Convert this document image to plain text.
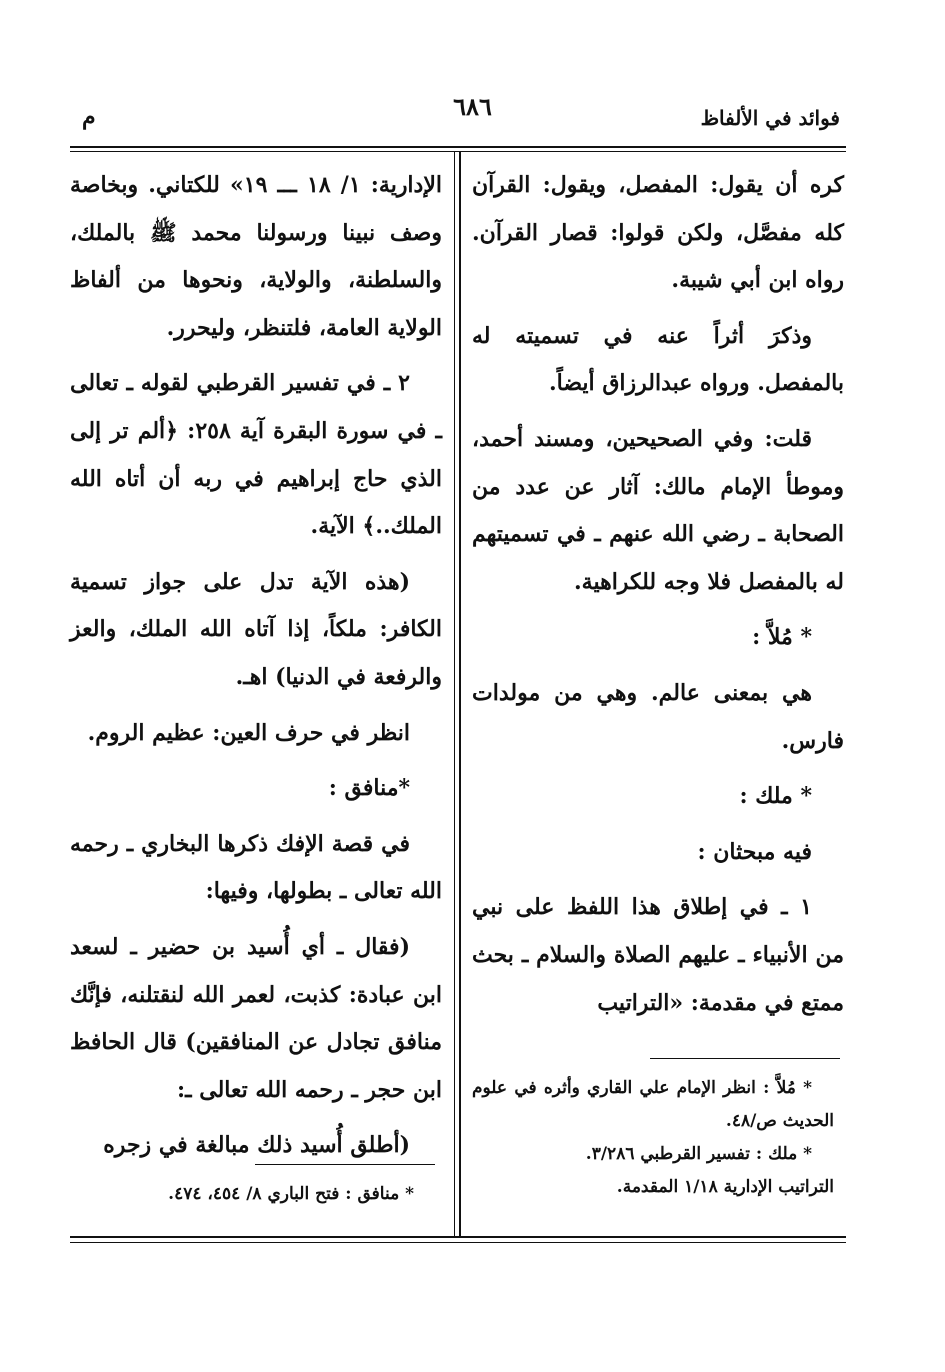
فوائد في الألفاظ
٦٨٦
م

كره أن يقول: المفصل، ويقول: القرآن كله مفصَّل، ولكن قولوا: قصار القرآن. رواه ابن أبي شيبة.

وذكرَ أثراً عنه في تسميته له بالمفصل. ورواه عبدالرزاق أيضاً.

قلت: وفي الصحيحين، ومسند أحمد، وموطأ الإمام مالك: آثار عن عدد من الصحابة ـ رضي الله عنهم ـ في تسميتهم له بالمفصل فلا وجه للكراهية.

* مُلاَّ :

هي بمعنى عالم. وهي من مولدات فارس.

* ملك :

فيه مبحثان :

١ ـ في إطلاق هذا اللفظ على نبي من الأنبياء ـ عليهم الصلاة والسلام ـ بحث ممتع في مقدمة: «التراتيب

* مُلاَّ : انظر الإمام علي القاري وأثره في علوم الحديث ص/٤٨.

* ملك : تفسير القرطبي ٣/٢٨٦.

التراتيب الإدارية ١/١٨ المقدمة.

الإدارية: ١/ ١٨ ـــ ١٩» للكتاني. وبخاصة وصف نبينا ورسولنا محمد ﷺ بالملك، والسلطنة، والولاية، ونحوها من ألفاظ الولاية العامة، فلتنظر، وليحرر.

٢ ـ في تفسير القرطبي لقوله ـ تعالى ـ في سورة البقرة آية ٢٥٨: ﴿ألم تر إلى الذي حاج إبراهيم في ربه أن أتاه الله الملك..﴾ الآية.

(هذه الآية تدل على جواز تسمية الكافر: ملكاً، إذا آتاه الله الملك، والعز والرفعة في الدنيا) اهـ.

انظر في حرف العين: عظيم الروم.

*منافق :

في قصة الإفك ذكرها البخاري ـ رحمه الله تعالى ـ بطولها، وفيها:

(فقال ـ أي أُسيد بن حضير ـ لسعد ابن عبادة: كذبت، لعمر الله لنقتلنه، فإنَّك منافق تجادل عن المنافقين) قال الحافظ ابن حجر ـ رحمه الله تعالى ـ:

(أطلق أُسيد ذلك مبالغة في زجره

* منافق : فتح الباري ٨/ ٤٥٤، ٤٧٤.
